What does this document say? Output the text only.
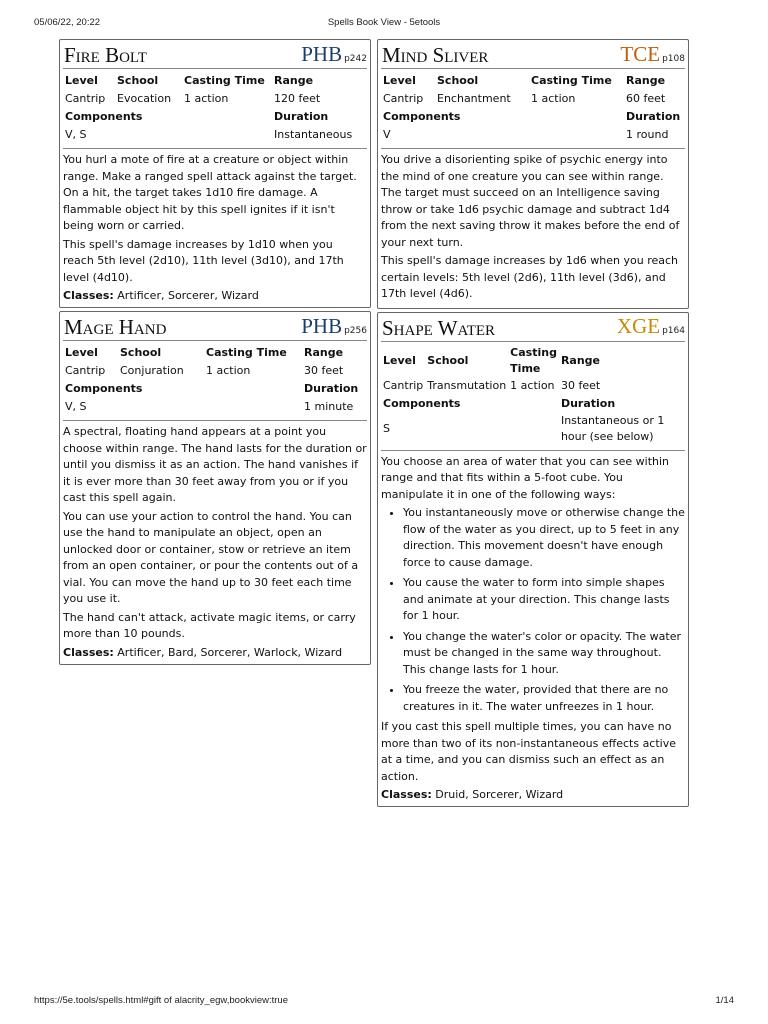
05/06/22, 20:22	Spells Book View - 5etools
Fire Bolt	PHB p242
Level	School	Casting Time	Range
Cantrip	Evocation	1 action	120 feet
Components			Duration
V, S			Instantaneous

You hurl a mote of fire at a creature or object within range. Make a ranged spell attack against the target. On a hit, the target takes 1d10 fire damage. A flammable object hit by this spell ignites if it isn't being worn or carried.

This spell's damage increases by 1d10 when you reach 5th level (2d10), 11th level (3d10), and 17th level (4d10).

Classes: Artificer, Sorcerer, Wizard
Mage Hand	PHB p256
Level	School	Casting Time	Range
Cantrip	Conjuration	1 action	30 feet
Components			Duration
V, S			1 minute

A spectral, floating hand appears at a point you choose within range. The hand lasts for the duration or until you dismiss it as an action. The hand vanishes if it is ever more than 30 feet away from you or if you cast this spell again.

You can use your action to control the hand. You can use the hand to manipulate an object, open an unlocked door or container, stow or retrieve an item from an open container, or pour the contents out of a vial. You can move the hand up to 30 feet each time you use it.

The hand can't attack, activate magic items, or carry more than 10 pounds.

Classes: Artificer, Bard, Sorcerer, Warlock, Wizard
Mind Sliver	TCE p108
Level	School	Casting Time	Range
Cantrip	Enchantment	1 action	60 feet
Components			Duration
V			1 round

You drive a disorienting spike of psychic energy into the mind of one creature you can see within range. The target must succeed on an Intelligence saving throw or take 1d6 psychic damage and subtract 1d4 from the next saving throw it makes before the end of your next turn.

This spell's damage increases by 1d6 when you reach certain levels: 5th level (2d6), 11th level (3d6), and 17th level (4d6).

Shape Water	XGE p164
Level	School	Casting Time	Range
Cantrip	Transmutation	1 action	30 feet
Components			Duration
S			Instantaneous or 1 hour (see below)

You choose an area of water that you can see within range and that fits within a 5-foot cube. You manipulate it in one of the following ways:

• You instantaneously move or otherwise change the flow of the water as you direct, up to 5 feet in any direction. This movement doesn't have enough force to cause damage.
• You cause the water to form into simple shapes and animate at your direction. This change lasts for 1 hour.
• You change the water's color or opacity. The water must be changed in the same way throughout. This change lasts for 1 hour.
• You freeze the water, provided that there are no creatures in it. The water unfreezes in 1 hour.

If you cast this spell multiple times, you can have no more than two of its non-instantaneous effects active at a time, and you can dismiss such an effect as an action.

Classes: Druid, Sorcerer, Wizard
https://5e.tools/spells.html#gift of alacrity_egw,bookview:true	1/14
